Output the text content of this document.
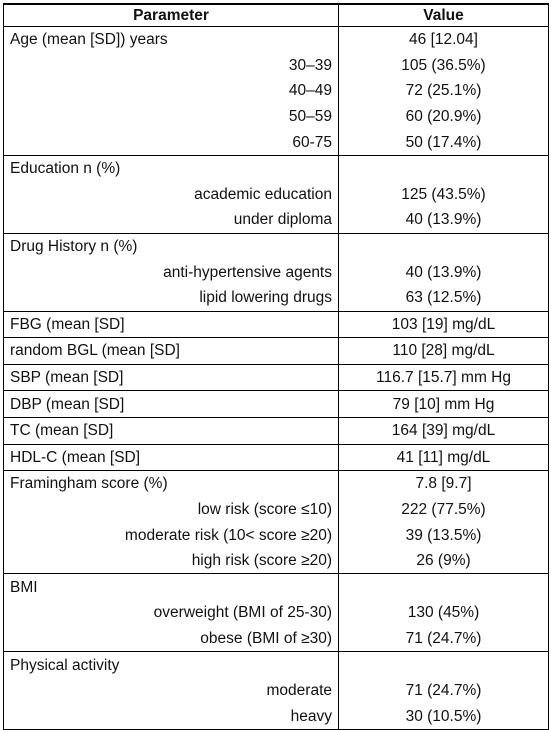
Parameter	Value
Age (mean [SD]) years	46 [12.04]
30–39	105 (36.5%)
40–49	72 (25.1%)
50–59	60 (20.9%)
60-75	50 (17.4%)
Education n (%)	
academic education	125 (43.5%)
under diploma	40 (13.9%)
Drug History n (%)	
anti-hypertensive agents	40 (13.9%)
lipid lowering drugs	63 (12.5%)
FBG (mean [SD]	103 [19] mg/dL
random BGL (mean [SD]	110 [28] mg/dL
SBP (mean [SD]	116.7 [15.7] mm Hg
DBP (mean [SD]	79 [10] mm Hg
TC (mean [SD]	164 [39] mg/dL
HDL-C (mean [SD]	41 [11] mg/dL
Framingham score (%)	7.8 [9.7]
low risk (score ≤10)	222 (77.5%)
moderate risk (10< score ≥20)	39 (13.5%)
high risk (score ≥20)	26 (9%)
BMI	
overweight (BMI of 25-30)	130 (45%)
obese (BMI of ≥30)	71 (24.7%)
Physical activity	
moderate	71 (24.7%)
heavy	30 (10.5%)
